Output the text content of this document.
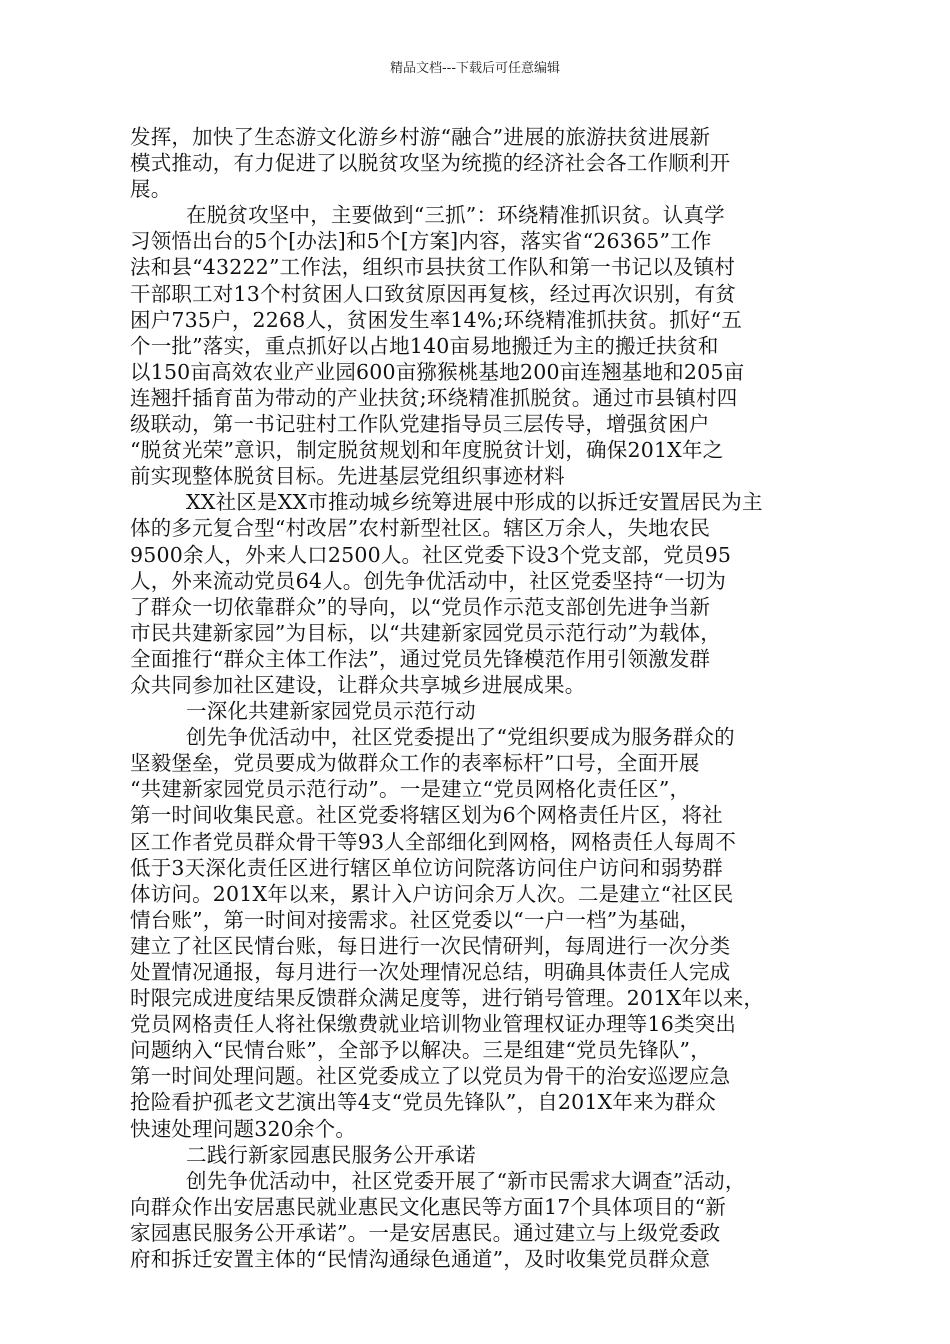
精品文档---下载后可任意编辑
发挥，加快了生态游文化游乡村游“融合”进展的旅游扶贫进展新
模式推动，有力促进了以脱贫攻坚为统揽的经济社会各工作顺利开
展。
在脱贫攻坚中，主要做到“三抓”：环绕精准抓识贫。认真学
习领悟出台的5个[办法]和5个[方案]内容，落实省“26365”工作
法和县“43222”工作法，组织市县扶贫工作队和第一书记以及镇村
干部职工对13个村贫困人口致贫原因再复核，经过再次识别，有贫
困户735户，2268人，贫困发生率14%;环绕精准抓扶贫。抓好“五
个一批”落实，重点抓好以占地140亩易地搬迁为主的搬迁扶贫和
以150亩高效农业产业园600亩猕猴桃基地200亩连翘基地和205亩
连翘扦插育苗为带动的产业扶贫;环绕精准抓脱贫。通过市县镇村四
级联动，第一书记驻村工作队党建指导员三层传导，增强贫困户
“脱贫光荣”意识，制定脱贫规划和年度脱贫计划，确保201X年之
前实现整体脱贫目标。先进基层党组织事迹材料
XX社区是XX市推动城乡统筹进展中形成的以拆迁安置居民为主
体的多元复合型“村改居”农村新型社区。辖区万余人，失地农民
9500余人，外来人口2500人。社区党委下设3个党支部，党员95
人，外来流动党员64人。创先争优活动中，社区党委坚持“一切为
了群众一切依靠群众”的导向，以“党员作示范支部创先进争当新
市民共建新家园”为目标，以“共建新家园党员示范行动”为载体，
全面推行“群众主体工作法”，通过党员先锋模范作用引领激发群
众共同参加社区建设，让群众共享城乡进展成果。
一深化共建新家园党员示范行动
创先争优活动中，社区党委提出了“党组织要成为服务群众的
坚毅堡垒，党员要成为做群众工作的表率标杆”口号，全面开展
“共建新家园党员示范行动”。一是建立“党员网格化责任区”，
第一时间收集民意。社区党委将辖区划为6个网格责任片区，将社
区工作者党员群众骨干等93人全部细化到网格，网格责任人每周不
低于3天深化责任区进行辖区单位访问院落访问住户访问和弱势群
体访问。201X年以来，累计入户访问余万人次。二是建立“社区民
情台账”，第一时间对接需求。社区党委以“一户一档”为基础，
建立了社区民情台账，每日进行一次民情研判，每周进行一次分类
处置情况通报，每月进行一次处理情况总结，明确具体责任人完成
时限完成进度结果反馈群众满足度等，进行销号管理。201X年以来，
党员网格责任人将社保缴费就业培训物业管理权证办理等16类突出
问题纳入“民情台账”，全部予以解决。三是组建“党员先锋队”，
第一时间处理问题。社区党委成立了以党员为骨干的治安巡逻应急
抢险看护孤老文艺演出等4支“党员先锋队”，自201X年来为群众
快速处理问题320余个。
二践行新家园惠民服务公开承诺
创先争优活动中，社区党委开展了“新市民需求大调查”活动，
向群众作出安居惠民就业惠民文化惠民等方面17个具体项目的“新
家园惠民服务公开承诺”。一是安居惠民。通过建立与上级党委政
府和拆迁安置主体的“民情沟通绿色通道”，及时收集党员群众意
